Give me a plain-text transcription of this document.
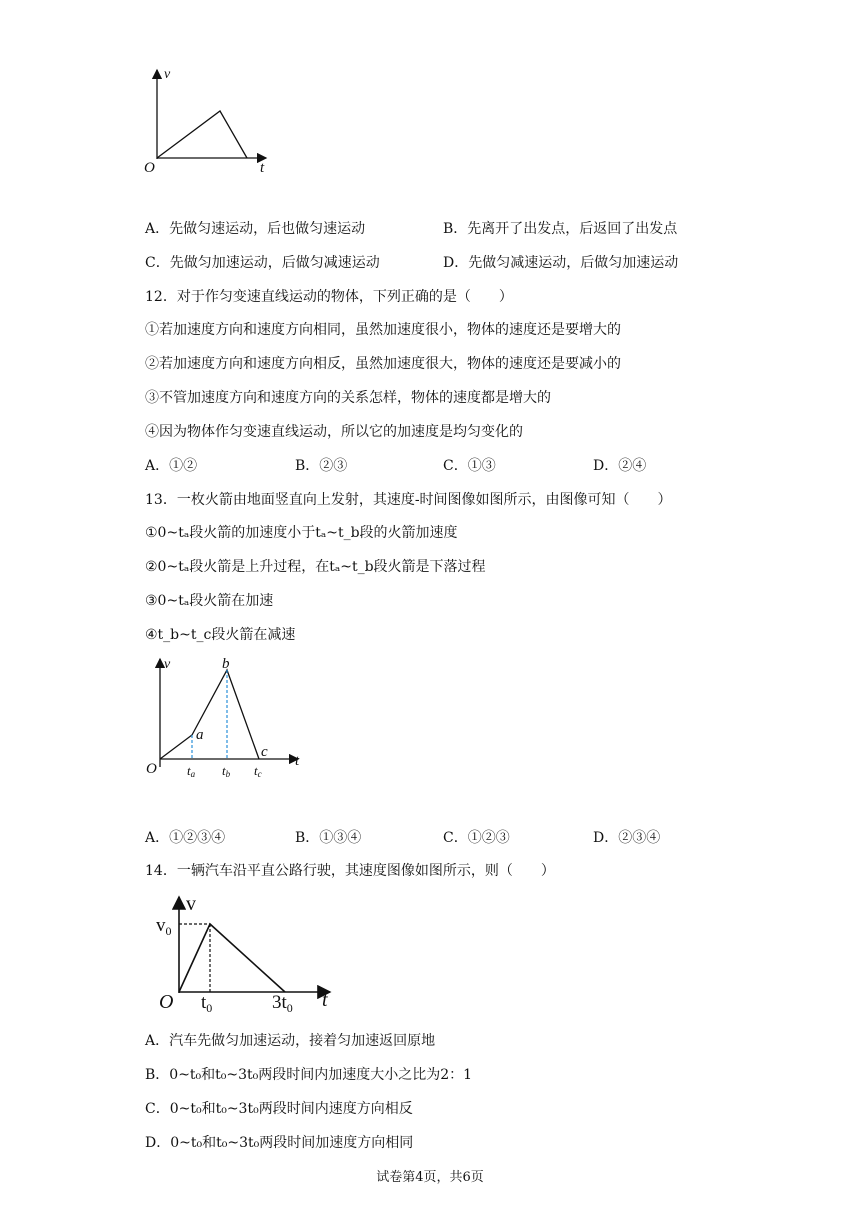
v
t
O
A．先做匀速运动，后也做匀速运动	B．先离开了出发点，后返回了出发点
C．先做匀加速运动，后做匀减速运动	D．先做匀减速运动，后做匀加速运动
12．对于作匀变速直线运动的物体，下列正确的是（　　）
①若加速度方向和速度方向相同，虽然加速度很小，物体的速度还是要增大的
②若加速度方向和速度方向相反，虽然加速度很大，物体的速度还是要减小的
③不管加速度方向和速度方向的关系怎样，物体的速度都是增大的
④因为物体作匀变速直线运动，所以它的加速度是均匀变化的
A．①②	B．②③	C．①③	D．②④
13．一枚火箭由地面竖直向上发射，其速度-时间图像如图所示，由图像可知（　　）
①0~tₐ段火箭的加速度小于tₐ~t_b段的火箭加速度
②0~tₐ段火箭是上升过程，在tₐ~t_b段火箭是下落过程
③0~tₐ段火箭在加速
④t_b~t_c段火箭在减速
v
t
O
a
b
c
ta tb tc
A．①②③④	B．①③④	C．①②③	D．②③④
14．一辆汽车沿平直公路行驶，其速度图像如图所示，则（　　）
v
t
O
$v_0$
$t_0$	$3t_0$
A．汽车先做匀加速运动，接着匀加速返回原地
B．0~t₀和t₀~3t₀两段时间内加速度大小之比为2：1
C．0~t₀和t₀~3t₀两段时间内速度方向相反
D．0~t₀和t₀~3t₀两段时间加速度方向相同
试卷第4页，共6页
